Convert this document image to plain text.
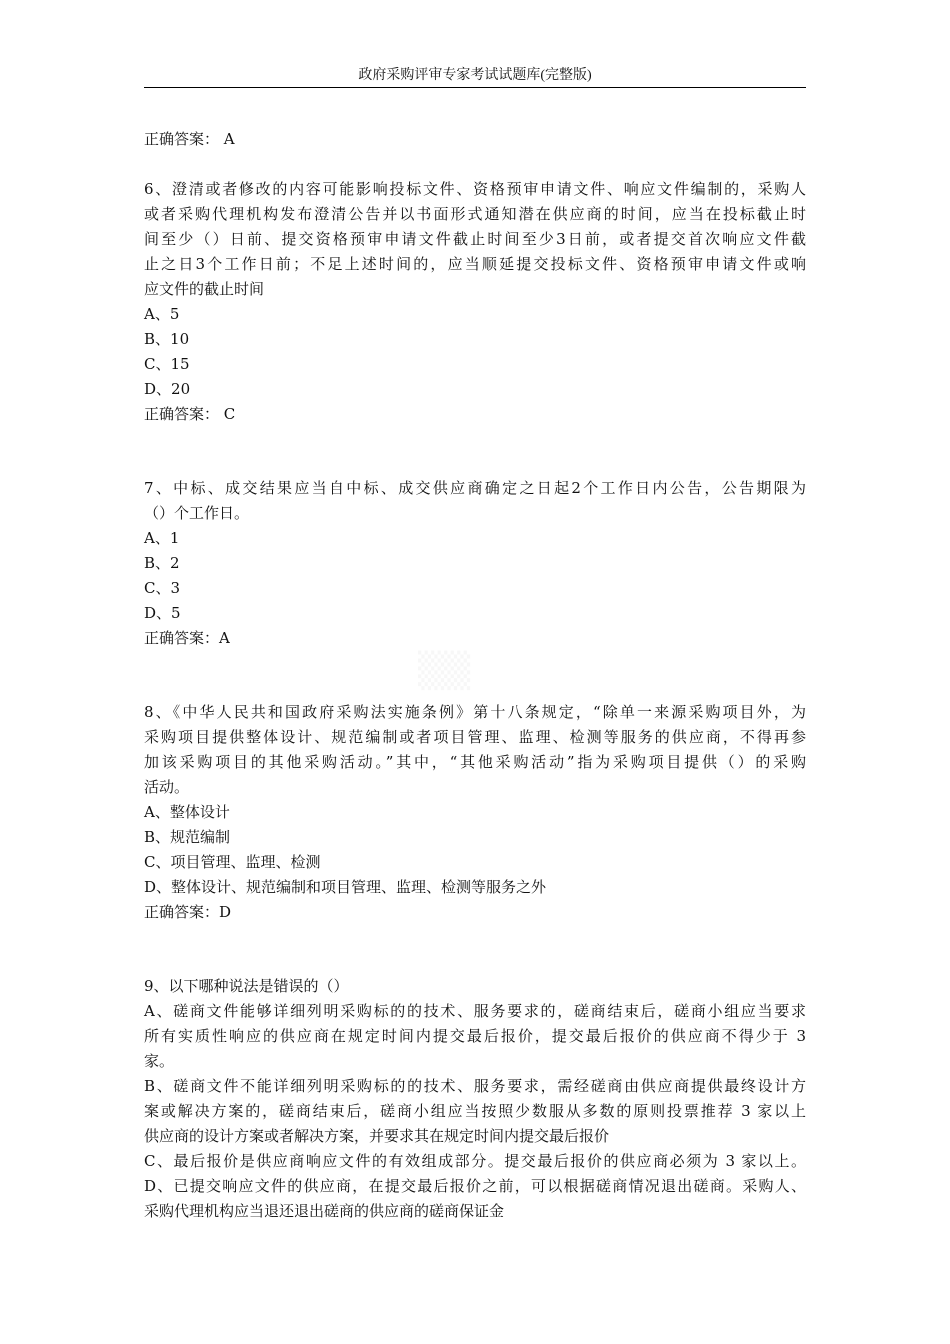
政府采购评审专家考试试题库(完整版)
正确答案： A
6、澄清或者修改的内容可能影响投标文件、资格预审申请文件、响应文件编制的，采购人
或者采购代理机构发布澄清公告并以书面形式通知潜在供应商的时间，应当在投标截止时
间至少（）日前、提交资格预审申请文件截止时间至少3日前，或者提交首次响应文件截
止之日3个工作日前；不足上述时间的，应当顺延提交投标文件、资格预审申请文件或响
应文件的截止时间
A、5
B、10
C、15
D、20
正确答案： C
7、中标、成交结果应当自中标、成交供应商确定之日起2个工作日内公告，公告期限为
（）个工作日。
A、1
B、2
C、3
D、5
正确答案：A
8、《中华人民共和国政府采购法实施条例》第十八条规定，“除单一来源采购项目外，为
采购项目提供整体设计、规范编制或者项目管理、监理、检测等服务的供应商，不得再参
加该采购项目的其他采购活动。”其中，“其他采购活动”指为采购项目提供（）的采购
活动。
A、整体设计
B、规范编制
C、项目管理、监理、检测
D、整体设计、规范编制和项目管理、监理、检测等服务之外
正确答案：D
9、以下哪种说法是错误的（）
A、磋商文件能够详细列明采购标的的技术、服务要求的，磋商结束后，磋商小组应当要求
所有实质性响应的供应商在规定时间内提交最后报价，提交最后报价的供应商不得少于 3
家。
B、磋商文件不能详细列明采购标的的技术、服务要求，需经磋商由供应商提供最终设计方
案或解决方案的，磋商结束后，磋商小组应当按照少数服从多数的原则投票推荐 3 家以上
供应商的设计方案或者解决方案，并要求其在规定时间内提交最后报价
C、最后报价是供应商响应文件的有效组成部分。提交最后报价的供应商必须为 3 家以上。
D、已提交响应文件的供应商，在提交最后报价之前，可以根据磋商情况退出磋商。采购人、
采购代理机构应当退还退出磋商的供应商的磋商保证金
